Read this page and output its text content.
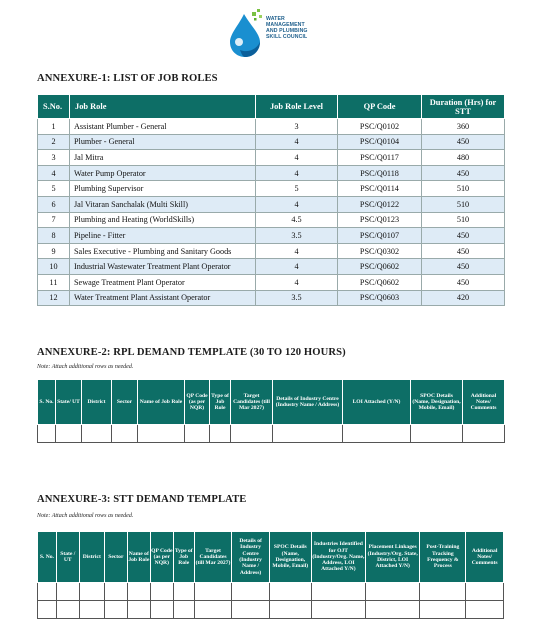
WATER
MANAGEMENT
AND PLUMBING
SKILL COUNCIL
ANNEXURE-1: LIST OF JOB ROLES
S.No.	Job Role	Job Role Level	QP Code	Duration (Hrs) for STT
1	Assistant Plumber - General	3	PSC/Q0102	360
2	Plumber - General	4	PSC/Q0104	450
3	Jal Mitra	4	PSC/Q0117	480
4	Water Pump Operator	4	PSC/Q0118	450
5	Plumbing Supervisor	5	PSC/Q0114	510
6	Jal Vitaran Sanchalak (Multi Skill)	4	PSC/Q0122	510
7	Plumbing and Heating (WorldSkills)	4.5	PSC/Q0123	510
8	Pipeline - Fitter	3.5	PSC/Q0107	450
9	Sales Executive - Plumbing and Sanitary Goods	4	PSC/Q0302	450
10	Industrial Wastewater Treatment Plant Operator	4	PSC/Q0602	450
11	Sewage Treatment Plant Operator	4	PSC/Q0602	450
12	Water Treatment Plant Assistant Operator	3.5	PSC/Q0603	420
ANNEXURE-2: RPL DEMAND TEMPLATE (30 TO 120 HOURS)
Note: Attach additional rows as needed.
S. No.	State/ UT	District	Sector	Name of Job Role	QP Code (as per NQR)	Type of Job Role	Target Candidates (till Mar 2027)	Details of Industry Centre (Industry Name / Address)	LOI Attached (Y/N)	SPOC Details (Name, Designation, Mobile, Email)	Additional Notes/ Comments

ANNEXURE-3: STT DEMAND TEMPLATE
Note: Attach additional rows as needed.
S. No.	State / UT	District	Sector	Name of Job Role	QP Code (as per NQR)	Type of Job Role	Target Candidates (till Mar 2027)	Details of Industry Centre (Industry Name / Address)	SPOC Details (Name, Designation, Mobile, Email)	Industries Identified for OJT (Industry/Org. Name, Address, LOI Attached Y/N)	Placement Linkages (Industry/Org. State, District, LOI Attached Y/N)	Post-Training Tracking Frequency & Process	Additional Notes/ Comments
